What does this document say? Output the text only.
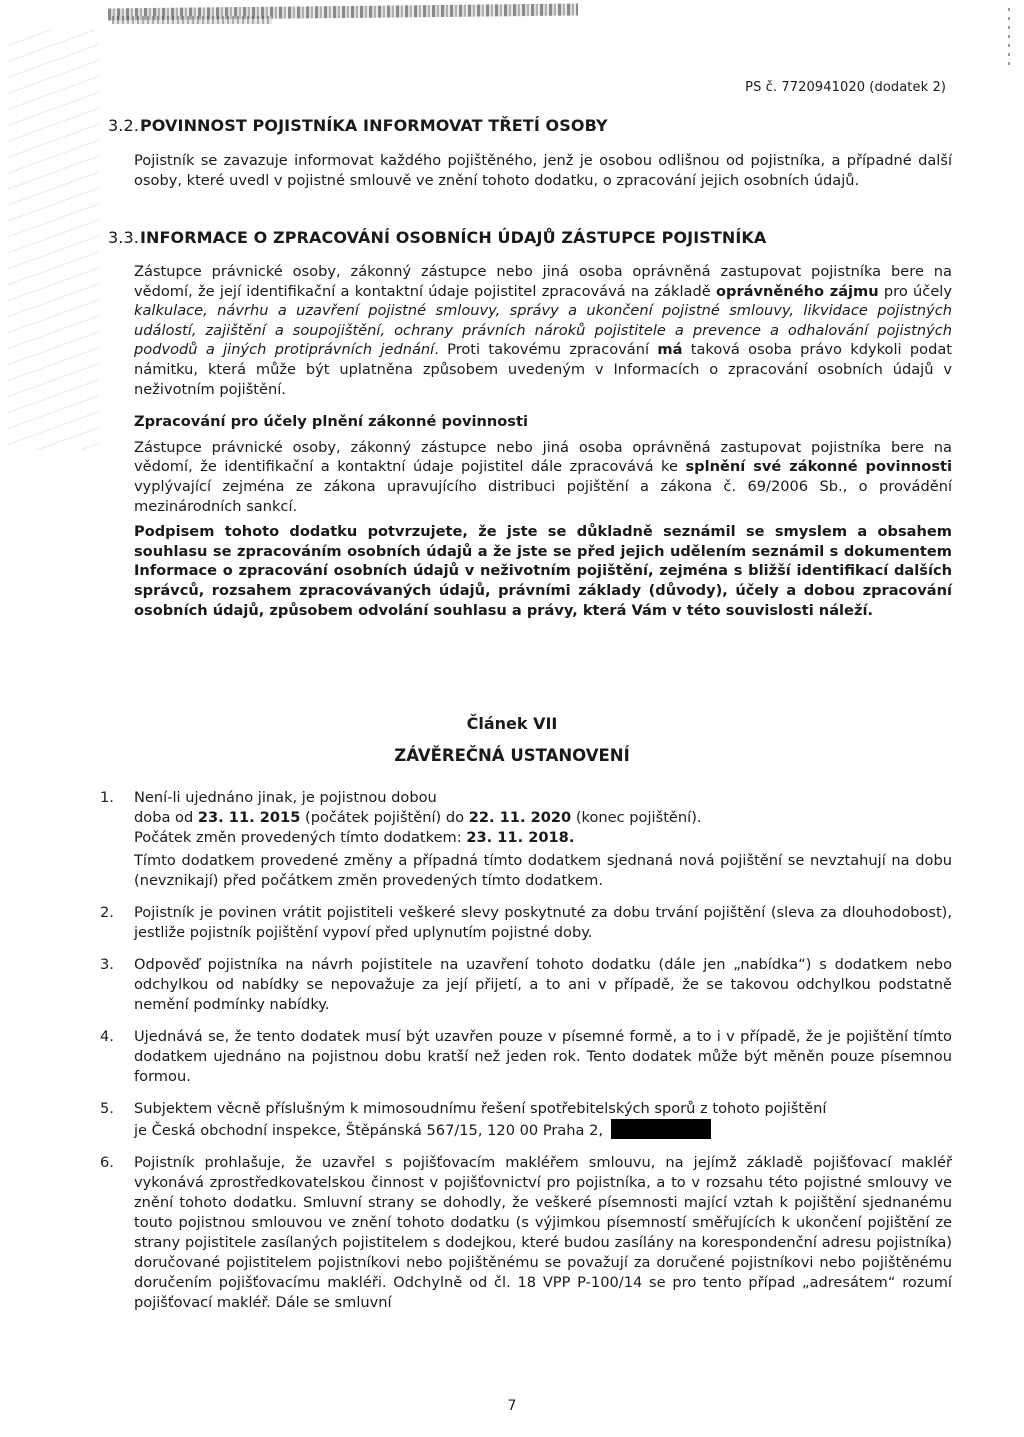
PS č. 7720941020 (dodatek 2)
3.2. POVINNOST POJISTNÍKA INFORMOVAT TŘETÍ OSOBY

Pojistník se zavazuje informovat každého pojištěného, jenž je osobou odlišnou od pojistníka, a případné další osoby, které uvedl v pojistné smlouvě ve znění tohoto dodatku, o zpracování jejich osobních údajů.

3.3. INFORMACE O ZPRACOVÁNÍ OSOBNÍCH ÚDAJŮ ZÁSTUPCE POJISTNÍKA

Zástupce právnické osoby, zákonný zástupce nebo jiná osoba oprávněná zastupovat pojistníka bere na vědomí, že její identifikační a kontaktní údaje pojistitel zpracovává na základě oprávněného zájmu pro účely kalkulace, návrhu a uzavření pojistné smlouvy, správy a ukončení pojistné smlouvy, likvidace pojistných událostí, zajištění a soupojištění, ochrany právních nároků pojistitele a prevence a odhalování pojistných podvodů a jiných protiprávních jednání. Proti takovému zpracování má taková osoba právo kdykoli podat námitku, která může být uplatněna způsobem uvedeným v Informacích o zpracování osobních údajů v neživotním pojištění.

Zpracování pro účely plnění zákonné povinnosti

Zástupce právnické osoby, zákonný zástupce nebo jiná osoba oprávněná zastupovat pojistníka bere na vědomí, že identifikační a kontaktní údaje pojistitel dále zpracovává ke splnění své zákonné povinnosti vyplývající zejména ze zákona upravujícího distribuci pojištění a zákona č. 69/2006 Sb., o provádění mezinárodních sankcí.

Podpisem tohoto dodatku potvrzujete, že jste se důkladně seznámil se smyslem a obsahem souhlasu se zpracováním osobních údajů a že jste se před jejich udělením seznámil s dokumentem Informace o zpracování osobních údajů v neživotním pojištění, zejména s bližší identifikací dalších správců, rozsahem zpracovávaných údajů, právními základy (důvody), účely a dobou zpracování osobních údajů, způsobem odvolání souhlasu a právy, která Vám v této souvislosti náleží.

Článek VII
ZÁVĚREČNÁ USTANOVENÍ
1. Není-li ujednáno jinak, je pojistnou dobou

doba od 23. 11. 2015 (počátek pojištění) do 22. 11. 2020 (konec pojištění).

Počátek změn provedených tímto dodatkem: 23. 11. 2018.

Tímto dodatkem provedené změny a případná tímto dodatkem sjednaná nová pojištění se nevztahují na dobu (nevznikají) před počátkem změn provedených tímto dodatkem.

2. Pojistník je povinen vrátit pojistiteli veškeré slevy poskytnuté za dobu trvání pojištění (sleva za dlouhodobost), jestliže pojistník pojištění vypoví před uplynutím pojistné doby.

3. Odpověď pojistníka na návrh pojistitele na uzavření tohoto dodatku (dále jen „nabídka“) s dodatkem nebo odchylkou od nabídky se nepovažuje za její přijetí, a to ani v případě, že se takovou odchylkou podstatně nemění podmínky nabídky.

4. Ujednává se, že tento dodatek musí být uzavřen pouze v písemné formě, a to i v případě, že je pojištění tímto dodatkem ujednáno na pojistnou dobu kratší než jeden rok. Tento dodatek může být měněn pouze písemnou formou.

5. Subjektem věcně příslušným k mimosoudnímu řešení spotřebitelských sporů z tohoto pojištění

je Česká obchodní inspekce, Štěpánská 567/15, 120 00 Praha 2,

6. Pojistník prohlašuje, že uzavřel s pojišťovacím makléřem smlouvu, na jejímž základě pojišťovací makléř vykonává zprostředkovatelskou činnost v pojišťovnictví pro pojistníka, a to v rozsahu této pojistné smlouvy ve znění tohoto dodatku. Smluvní strany se dohodly, že veškeré písemnosti mající vztah k pojištění sjednanému touto pojistnou smlouvou ve znění tohoto dodatku (s výjimkou písemností směřujících k ukončení pojištění ze strany pojistitele zasílaných pojistitelem s dodejkou, které budou zasílány na korespondenční adresu pojistníka) doručované pojistitelem pojistníkovi nebo pojištěnému se považují za doručené pojistníkovi nebo pojištěnému doručením pojišťovacímu makléři. Odchylně od čl. 18 VPP P-100/14 se pro tento případ „adresátem“ rozumí pojišťovací makléř. Dále se smluvní

7
